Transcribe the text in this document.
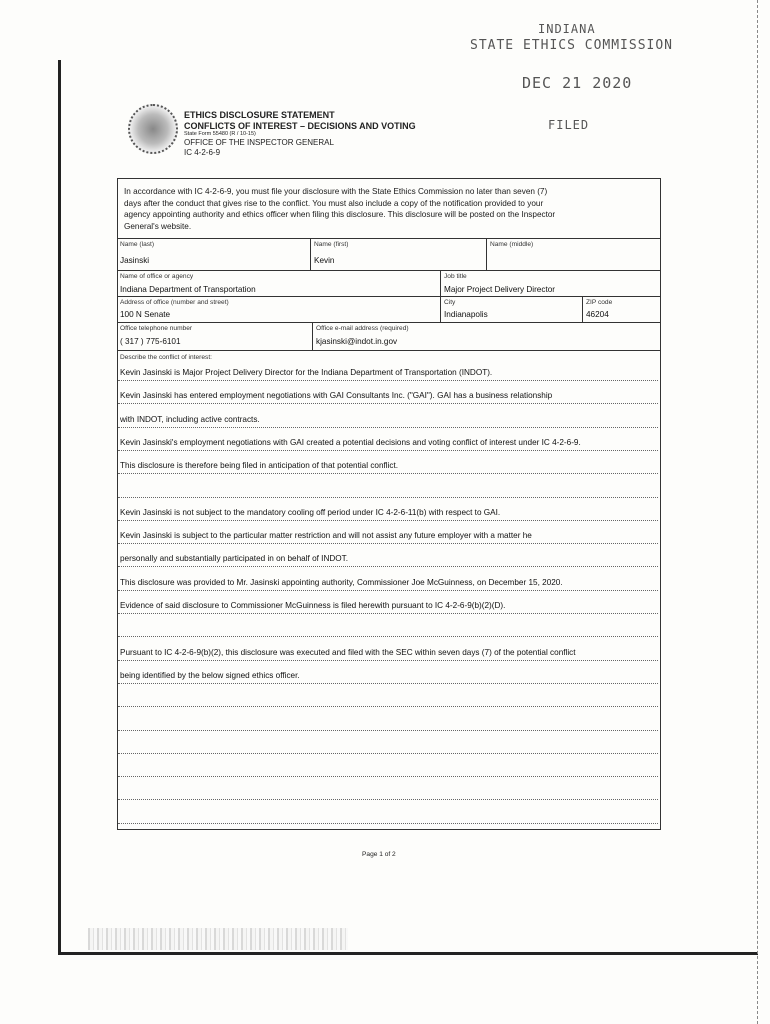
INDIANA
STATE ETHICS COMMISSION
DEC 21 2020
FILED
ETHICS DISCLOSURE STATEMENT
CONFLICTS OF INTEREST – DECISIONS AND VOTING
State Form 55480 (R / 10-15)
OFFICE OF THE INSPECTOR GENERAL
IC 4-2-6-9
In accordance with IC 4-2-6-9, you must file your disclosure with the State Ethics Commission no later than seven (7)
days after the conduct that gives rise to the conflict. You must also include a copy of the notification provided to your
agency appointing authority and ethics officer when filing this disclosure. This disclosure will be posted on the Inspector
General's website.
Name (last)
Jasinski
Name (first)
Kevin
Name (middle)
Name of office or agency
Indiana Department of Transportation
Job title
Major Project Delivery Director
Address of office (number and street)
100 N Senate
City
Indianapolis
ZIP code
46204
Office telephone number
( 317 ) 775-6101
Office e-mail address (required)
kjasinski@indot.in.gov
Describe the conflict of interest:
Kevin Jasinski is Major Project Delivery Director for the Indiana Department of Transportation (INDOT).
Kevin Jasinski has entered employment negotiations with GAI Consultants Inc. ("GAI"). GAI has a business relationship
with INDOT, including active contracts.
Kevin Jasinski's employment negotiations with GAI created a potential decisions and voting conflict of interest under IC 4-2-6-9.
This disclosure is therefore being filed in anticipation of that potential conflict.
Kevin Jasinski is not subject to the mandatory cooling off period under IC 4-2-6-11(b) with respect to GAI.
Kevin Jasinski is subject to the particular matter restriction and will not assist any future employer with a matter he
personally and substantially participated in on behalf of INDOT.
This disclosure was provided to Mr. Jasinski appointing authority, Commissioner Joe McGuinness, on December 15, 2020.
Evidence of said disclosure to Commissioner McGuinness is filed herewith pursuant to IC 4-2-6-9(b)(2)(D).
Pursuant to IC 4-2-6-9(b)(2), this disclosure was executed and filed with the SEC within seven days (7) of the potential conflict
being identified by the below signed ethics officer.
Page 1 of 2
